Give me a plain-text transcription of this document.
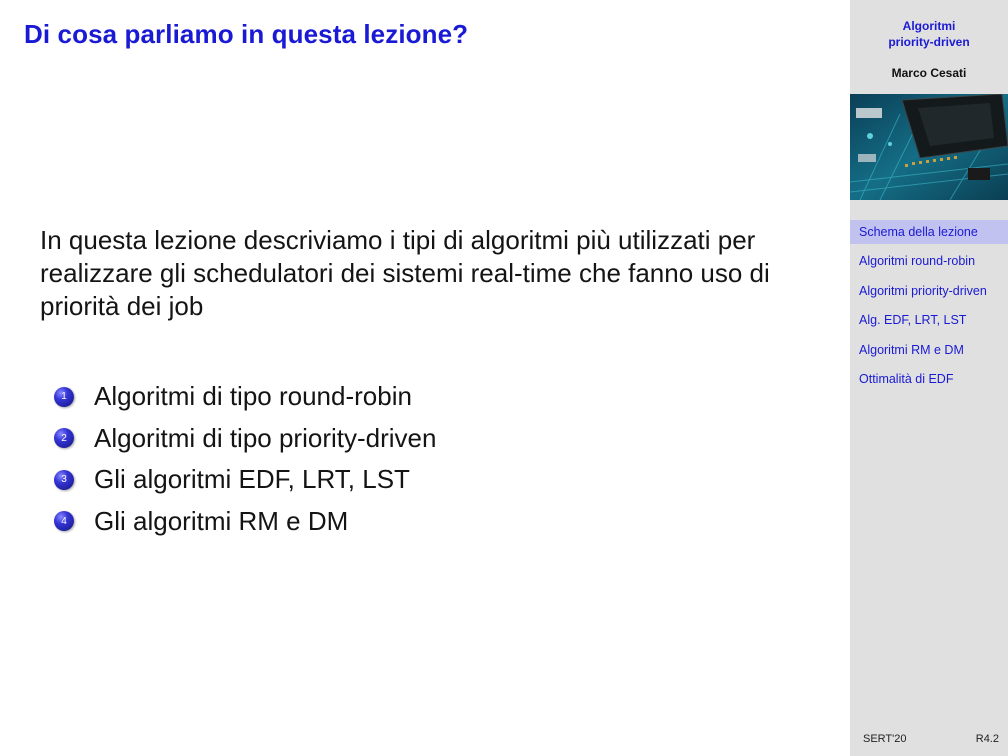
Di cosa parliamo in questa lezione?

In questa lezione descriviamo i tipi di algoritmi più utilizzati per realizzare gli schedulatori dei sistemi real-time che fanno uso di priorità dei job

1 Algoritmi di tipo round-robin
2 Algoritmi di tipo priority-driven
3 Gli algoritmi EDF, LRT, LST
4 Gli algoritmi RM e DM
Algoritmi
priority-driven
Marco Cesati
Schema della lezione
Algoritmi round-robin
Algoritmi priority-driven
Alg. EDF, LRT, LST
Algoritmi RM e DM
Ottimalità di EDF
SERT'20	R4.2
